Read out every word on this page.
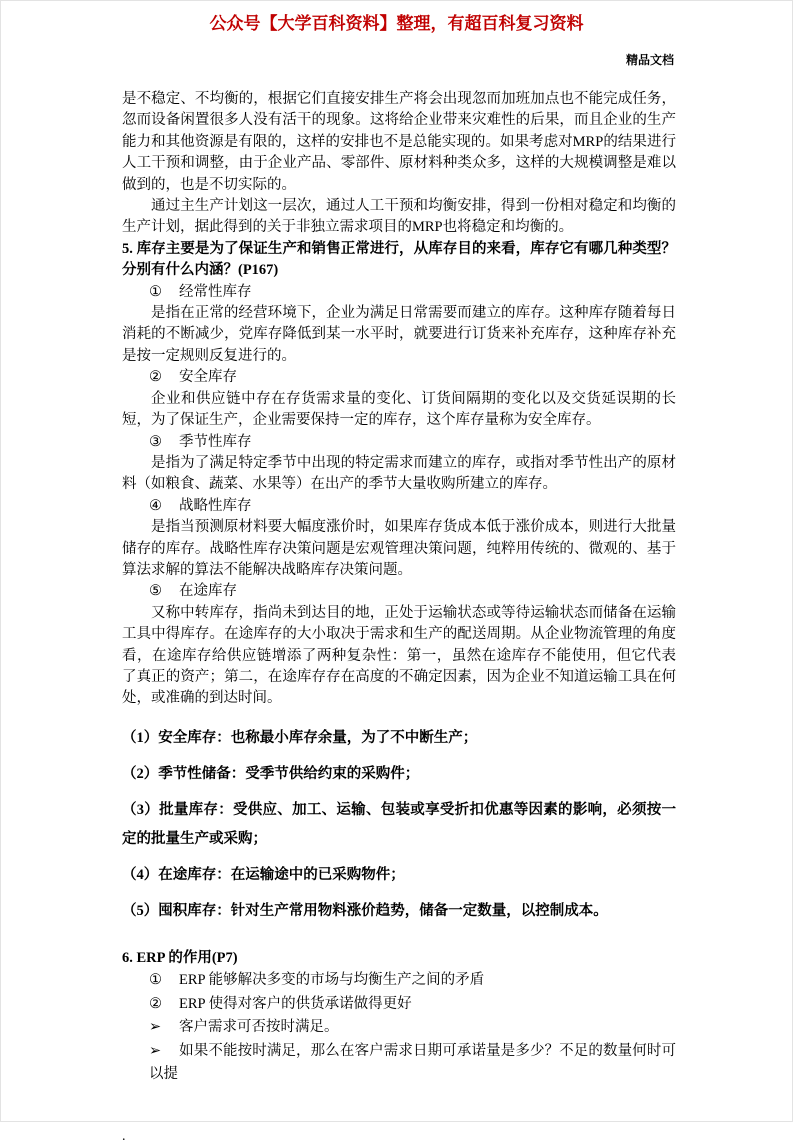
公众号【大学百科资料】整理，有超百科复习资料

精品文档

是不稳定、不均衡的，根据它们直接安排生产将会出现忽而加班加点也不能完成任务，忽而设备闲置很多人没有活干的现象。这将给企业带来灾难性的后果，而且企业的生产能力和其他资源是有限的，这样的安排也不是总能实现的。如果考虑对MRP的结果进行人工干预和调整，由于企业产品、零部件、原材料种类众多，这样的大规模调整是难以做到的，也是不切实际的。

通过主生产计划这一层次，通过人工干预和均衡安排，得到一份相对稳定和均衡的生产计划，据此得到的关于非独立需求项目的MRP也将稳定和均衡的。

5. 库存主要是为了保证生产和销售正常进行，从库存目的来看，库存它有哪几种类型？分别有什么内涵？(P167)

① 经常性库存

是指在正常的经营环境下，企业为满足日常需要而建立的库存。这种库存随着每日消耗的不断减少，党库存降低到某一水平时，就要进行订货来补充库存，这种库存补充是按一定规则反复进行的。

② 安全库存

企业和供应链中存在存货需求量的变化、订货间隔期的变化以及交货延误期的长短，为了保证生产，企业需要保持一定的库存，这个库存量称为安全库存。

③ 季节性库存

是指为了满足特定季节中出现的特定需求而建立的库存，或指对季节性出产的原材料（如粮食、蔬菜、水果等）在出产的季节大量收购所建立的库存。

④ 战略性库存

是指当预测原材料要大幅度涨价时，如果库存货成本低于涨价成本，则进行大批量储存的库存。战略性库存决策问题是宏观管理决策问题，纯粹用传统的、微观的、基于算法求解的算法不能解决战略库存决策问题。

⑤ 在途库存

又称中转库存，指尚未到达目的地，正处于运输状态或等待运输状态而储备在运输工具中得库存。在途库存的大小取决于需求和生产的配送周期。从企业物流管理的角度看，在途库存给供应链增添了两种复杂性：第一，虽然在途库存不能使用，但它代表 了真正的资产；第二，在途库存存在高度的不确定因素，因为企业不知道运输工具在何处，或准确的到达时间。

（1）安全库存：也称最小库存余量，为了不中断生产；

（2）季节性储备：受季节供给约束的采购件；

（3）批量库存：受供应、加工、运输、包装或享受折扣优惠等因素的影响，必须按一定的批量生产或采购；

（4）在途库存：在运输途中的已采购物件；

（5）囤积库存：针对生产常用物料涨价趋势，储备一定数量，以控制成本。

6. ERP 的作用(P7)

① ERP 能够解决多变的市场与均衡生产之间的矛盾

② ERP 使得对客户的供货承诺做得更好

➢ 客户需求可否按时满足。

➢ 如果不能按时满足，那么在客户需求日期可承诺量是多少？不足的数量何时可以提

.
